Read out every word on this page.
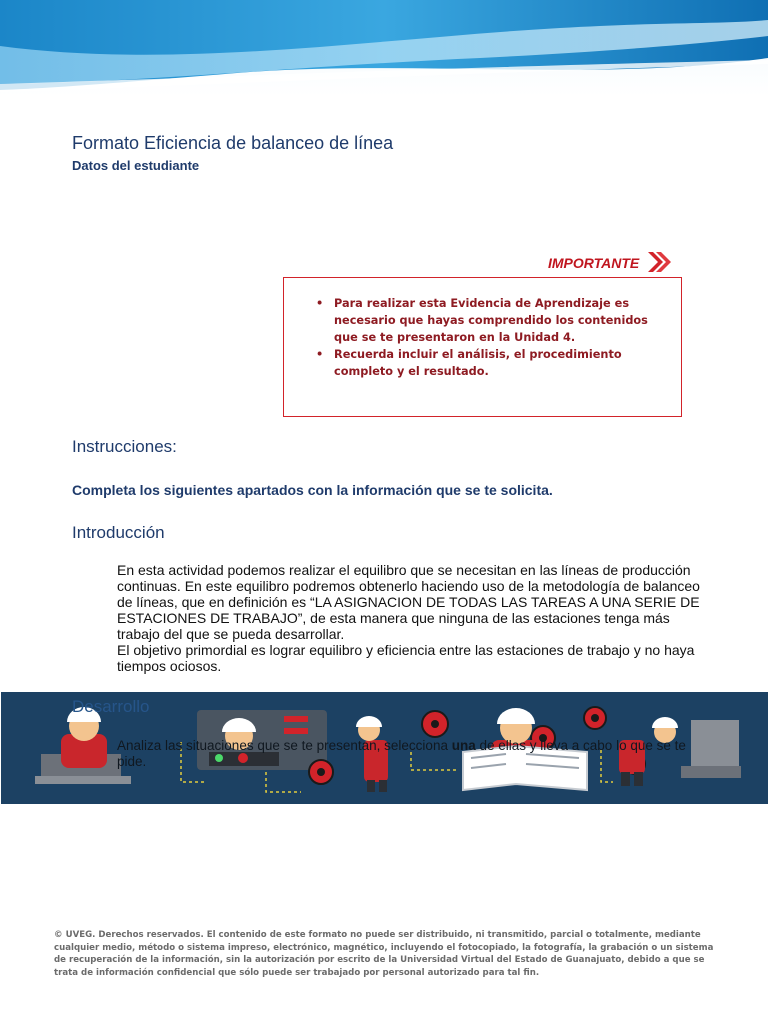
Formato Eficiencia de balanceo de línea
Datos del estudiante
IMPORTANTE
• Para realizar esta Evidencia de Aprendizaje es necesario que hayas comprendido los contenidos que se te presentaron en la Unidad 4.
• Recuerda incluir el análisis, el procedimiento completo y el resultado.
Instrucciones:
Completa los siguientes apartados con la información que se te solicita.
Introducción

En esta actividad podemos realizar el equilibro que se necesitan en las líneas de producción continuas. En este equilibro podremos obtenerlo haciendo uso de la metodología de balanceo de líneas, que en definición es “LA ASIGNACION DE TODAS LAS TAREAS A UNA SERIE DE ESTACIONES DE TRABAJO”, de esta manera que ninguna de las estaciones tenga más trabajo del que se pueda desarrollar.

El objetivo primordial es lograr equilibro y eficiencia entre las estaciones de trabajo y no haya tiempos ociosos.

Desarrollo
Analiza las situaciones que se te presentan, selecciona una de ellas y lleva a cabo lo que se te pide.

© UVEG. Derechos reservados. El contenido de este formato no puede ser distribuido, ni transmitido, parcial o totalmente, mediante cualquier medio, método o sistema impreso, electrónico, magnético, incluyendo el fotocopiado, la fotografía, la grabación o un sistema de recuperación de la información, sin la autorización por escrito de la Universidad Virtual del Estado de Guanajuato, debido a que se trata de información confidencial que sólo puede ser trabajado por personal autorizado para tal fin.
